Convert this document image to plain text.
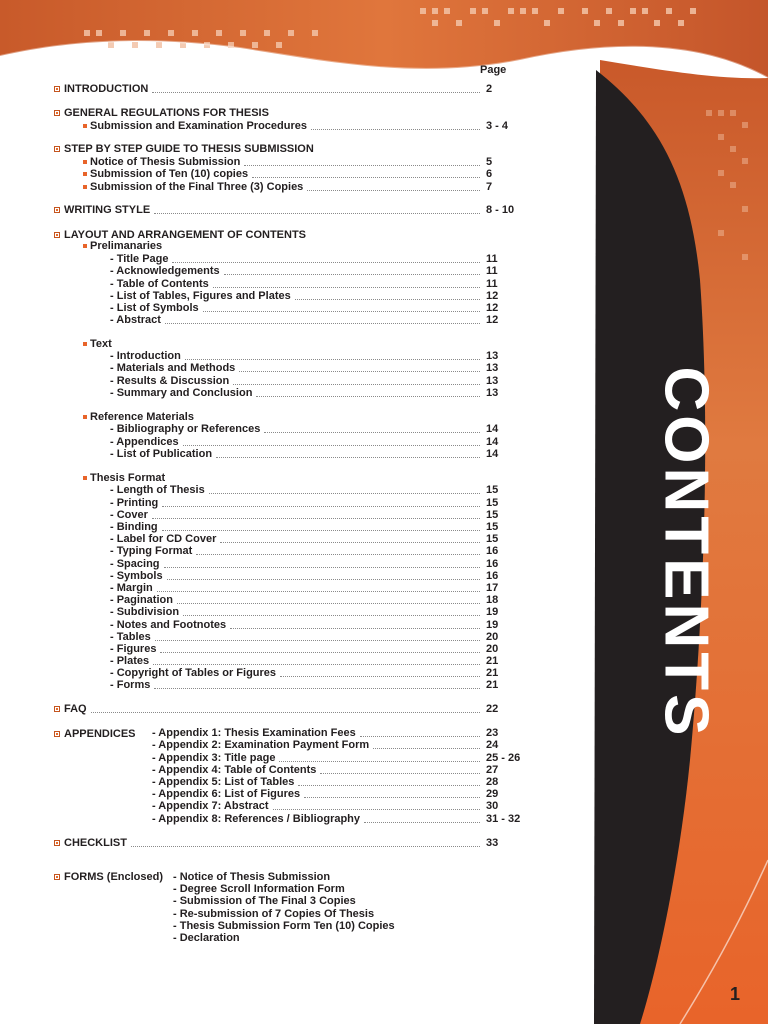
CONTENTS
Page
INTRODUCTION	2
GENERAL REGULATIONS FOR THESIS
Submission and Examination Procedures	3 - 4
STEP BY STEP GUIDE TO THESIS SUBMISSION
Notice of Thesis Submission	5
Submission of Ten (10) copies	6
Submission of the Final Three (3) Copies	7
WRITING STYLE	8 - 10
LAYOUT AND ARRANGEMENT OF CONTENTS
Prelimanaries
- Title Page	11
- Acknowledgements	11
- Table of Contents	11
- List of Tables, Figures and Plates	12
- List of Symbols	12
- Abstract	12
Text
- Introduction	13
- Materials and Methods	13
- Results & Discussion	13
- Summary and Conclusion	13
Reference Materials
- Bibliography or References	14
- Appendices	14
- List of Publication	14
Thesis Format
- Length of Thesis	15
- Printing	15
- Cover	15
- Binding	15
- Label for CD Cover	15
- Typing Format	16
- Spacing	16
- Symbols	16
- Margin	17
- Pagination	18
- Subdivision	19
- Notes and Footnotes	19
- Tables	20
- Figures	20
- Plates	21
- Copyright of Tables or Figures	21
- Forms	21
FAQ	22
APPENDICES - Appendix 1: Thesis Examination Fees	23
- Appendix 2: Examination Payment Form	24
- Appendix 3: Title page	25 - 26
- Appendix 4: Table of Contents	27
- Appendix 5: List of Tables	28
- Appendix 6: List of Figures	29
- Appendix 7: Abstract	30
- Appendix 8: References / Bibliography	31 - 32
CHECKLIST	33
FORMS (Enclosed) - Notice of Thesis Submission
- Degree Scroll Information Form
- Submission of The Final 3 Copies
- Re-submission of 7 Copies Of Thesis
- Thesis Submission Form Ten (10) Copies
- Declaration
1
